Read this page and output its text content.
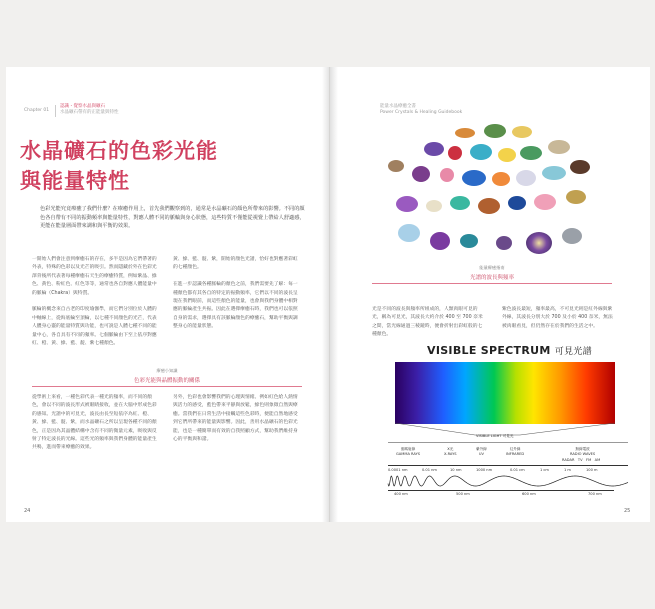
Chapter 01
認識・覺察水晶與礦石
水晶礦石帶有的正能量與特性
水晶礦石的色彩光能
與能量特性
色彩光能究竟療癒了我們什麼？在療癒作用上，首先我們觀察到的，通常是水晶礦石的顏色所帶來的影響。不同的顏色各自帶有不同的振動頻率與能量特性，對應人體不同的脈輪與身心狀態，這些特質不僅能從視覺上帶給人舒適感，更能在能量層面帶來調和與平衡的效果。
一開始人們會注意到療癒石的存在，多半是因為它們帶著的外表，特殊的色彩以及光芒的吸引。然而隱藏於外在色彩光澤背後所代表著每種療癒石天生的療癒特質，例如紫晶、綠色、黃色、粉紅色、紅色等等，通常也各自對應人體能量中的脈輪（Chakra）與特質。

脈輪的概念來自古老的印度瑜伽學，而它們分別位於人體的中軸線上，從海底輪至頂輪，以七種不同顏色的光芒，代表人體身心靈的能量特質與功能，也可說是人體七種不同的能量中心，各自具有不同的頻率。七個脈輪由下至上依序對應紅、橙、黃、綠、藍、靛、紫七種顏色。
黃、綠、藍、靛、紫，開始的顏色光譜，恰好也對應著彩虹的七種顏色。

在進一步認識各種脈輪的顏色之前，我們需要先了解：每一種顏色都有其各自的特定的振動頻率，它們以不同的波長呈現在我們眼前，而這些顏色的能量，也會與我們身體中相對應的脈輪產生共振。因此在選擇療癒石時，我們也可以依照自身的需求，選擇具有該脈輪顏色的療癒石，幫助平衡與調整身心的能量狀態。
療癒小知識
色彩光能與晶體振動的關係
從學術上來看，一種色彩代表一種光的頻率，而不同的顏色，會以不同的波長形式被眼睛接收，並在大腦中形成色彩的感知。光譜中的可見光，波長由長至短依序為紅、橙、黃、綠、藍、靛、紫，而水晶礦石之所以呈現各種不同的顏色，正是因為其晶體結構中含有不同的微量元素，吸收與反射了特定波長的光線。這些光的頻率與我們身體的能量產生共鳴，進而帶來療癒的效果。
另外，色彩也會影響我們的心理與情緒。例如紅色給人熱情與活力的感受，藍色帶來平靜與放鬆，綠色則象徵自然與療癒。當我們在日常生活中接觸這些色彩時，便能自然地感受到它們所帶來的能量與影響。因此，善用水晶礦石的色彩光能，也是一種簡單而有效的自我照顧方式，幫助我們維持身心的平衡與和諧。
24
能量水晶療癒全書
Power Crystals & Healing Guidebook
能量療癒指南
光譜的波長與頻率
光是不同的波長與頻率所組成的，人類肉眼可見的光，稱為可見光，其波長大約介於 400 至 700 奈米之間，當光線通過三稜鏡時，便會折射出彩虹般的七種顏色。
紫色波長最短，頻率最高，不可見光則是紅外線與紫外線，其波長分別大於 700 及小於 400 奈米，無法被肉眼看見，但仍然存在於我們的生活之中。
VISIBLE SPECTRUM 可見光譜
VISIBLE LIGHT 可見光
伽瑪射線
GAMMA RAYS
X光
X-RAYS
紫外線
UV
紅外線
INFRARED
無線電波
RADIO WAVES
RADAR TV FM AM
0.0001 nm	0.01 nm	10 nm	1000 nm	0.01 cm	1 cm	1 m	100 m
400 nm	500 nm	600 nm	700 nm
25
